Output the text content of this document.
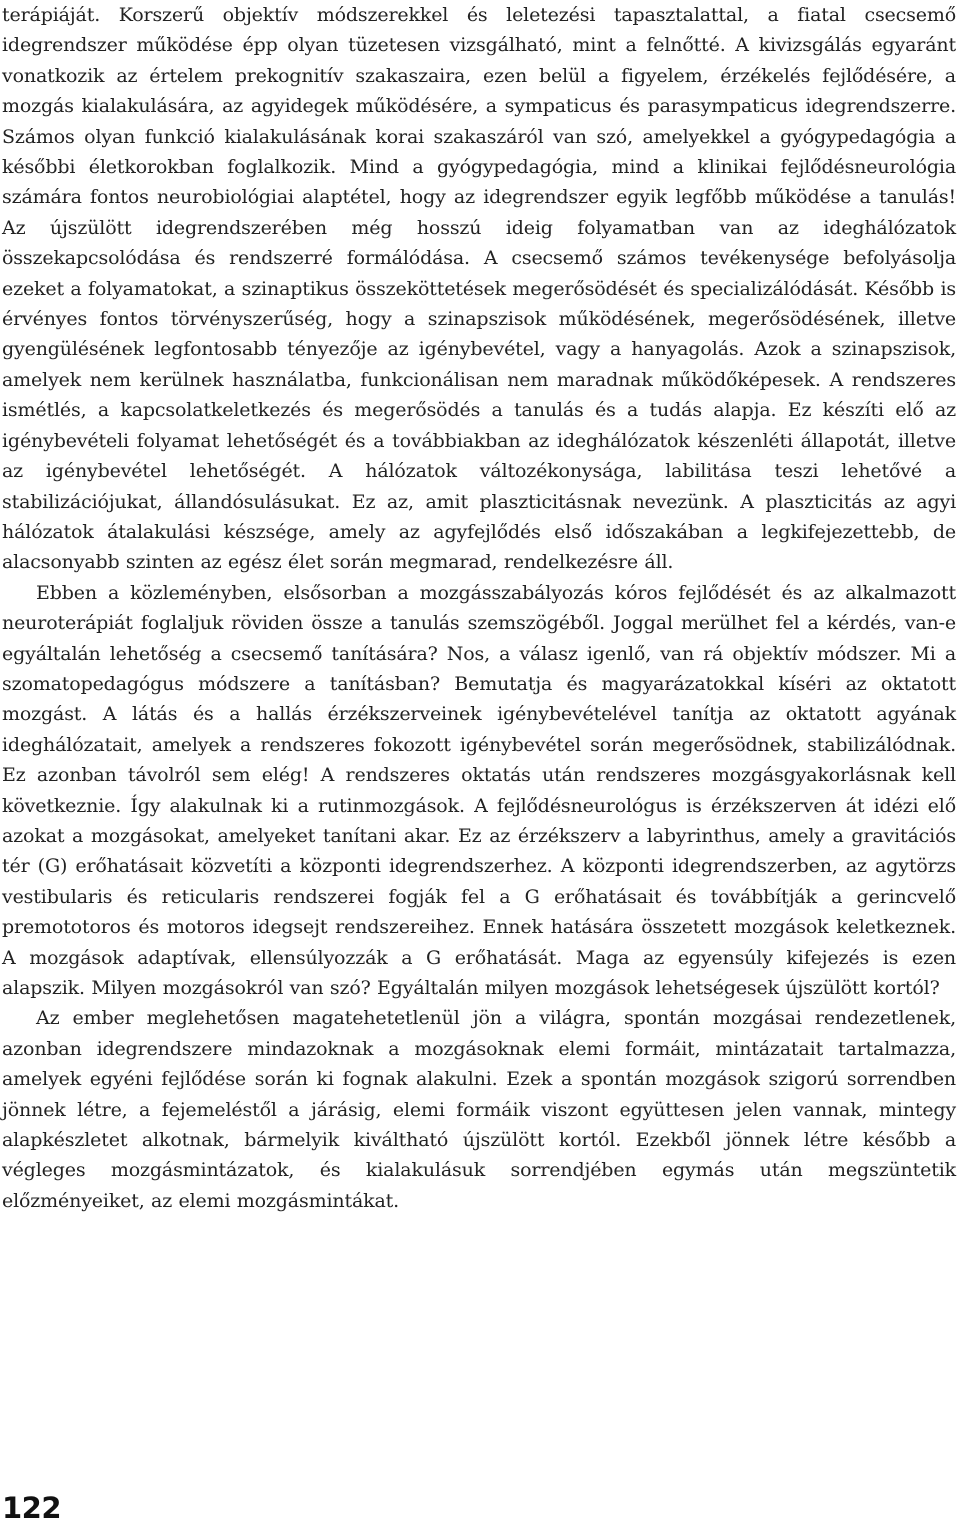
terápiáját. Korszerű objektív módszerekkel és leletezési tapasztalattal, a fiatal csecsemő idegrendszer működése épp olyan tüzetesen vizsgálható, mint a felnőtté. A kivizsgálás egyaránt vonatkozik az értelem prekognitív szakaszaira, ezen belül a figyelem, érzékelés fejlődésére, a mozgás kialakulására, az agyidegek működésére, a sympaticus és parasympaticus idegrendszerre. Számos olyan funkció kialakulásának korai szakaszáról van szó, amelyekkel a gyógypedagógia a későbbi életkorokban foglalkozik. Mind a gyógypedagógia, mind a klinikai fejlődésneurológia számára fontos neurobiológiai alaptétel, hogy az idegrendszer egyik legfőbb működése a tanulás! Az újszülött idegrendszerében még hosszú ideig folyamatban van az ideghálózatok összekapcsolódása és rendszerré formálódása. A csecsemő számos tevékenysége befolyásolja ezeket a folyamatokat, a szinaptikus összeköttetések megerősödését és specializálódását. Később is érvényes fontos törvényszerűség, hogy a szinapszisok működésének, megerősödésének, illetve gyengülésének legfontosabb tényezője az igénybevétel, vagy a hanyagolás. Azok a szinapszisok, amelyek nem kerülnek használatba, funkcionálisan nem maradnak működőképesek. A rendszeres ismétlés, a kapcsolatkeletkezés és megerősödés a tanulás és a tudás alapja. Ez készíti elő az igénybevételi folyamat lehetőségét és a továbbiakban az ideghálózatok készenléti állapotát, illetve az igénybevétel lehetőségét. A hálózatok változékonysága, labilitása teszi lehetővé a stabilizációjukat, állandósulásukat. Ez az, amit plaszticitásnak nevezünk. A plaszticitás az agyi hálózatok átalakulási készsége, amely az agyfejlődés első időszakában a legkifejezettebb, de alacsonyabb szinten az egész élet során megmarad, rendelkezésre áll.

Ebben a közleményben, elsősorban a mozgásszabályozás kóros fejlődését és az alkalmazott neuroterápiát foglaljuk röviden össze a tanulás szemszögéből. Joggal merülhet fel a kérdés, van-e egyáltalán lehetőség a csecsemő tanítására? Nos, a válasz igenlő, van rá objektív módszer. Mi a szomatopedagógus módszere a tanításban? Bemutatja és magyarázatokkal kíséri az oktatott mozgást. A látás és a hallás érzékszerveinek igénybevételével tanítja az oktatott agyának ideghálózatait, amelyek a rendszeres fokozott igénybevétel során megerősödnek, stabilizálódnak. Ez azonban távolról sem elég! A rendszeres oktatás után rendszeres mozgásgyakorlásnak kell következnie. Így alakulnak ki a rutinmozgások. A fejlődésneurológus is érzékszerven át idézi elő azokat a mozgásokat, amelyeket tanítani akar. Ez az érzékszerv a labyrinthus, amely a gravitációs tér (G) erőhatásait közvetíti a központi idegrendszerhez. A központi idegrendszerben, az agytörzs vestibularis és reticularis rendszerei fogják fel a G erőhatásait és továbbítják a gerincvelő premototoros és motoros idegsejt rendszereihez. Ennek hatására összetett mozgások keletkeznek. A mozgások adaptívak, ellensúlyozzák a G erőhatását. Maga az egyensúly kifejezés is ezen alapszik. Milyen mozgásokról van szó? Egyáltalán milyen mozgások lehetségesek újszülött kortól?

Az ember meglehetősen magatehetetlenül jön a világra, spontán mozgásai rendezetlenek, azonban idegrendszere mindazoknak a mozgásoknak elemi formáit, mintázatait tartalmazza, amelyek egyéni fejlődése során ki fognak alakulni. Ezek a spontán mozgások szigorú sorrendben jönnek létre, a fejemeléstől a járásig, elemi formáik viszont együttesen jelen vannak, mintegy alapkészletet alkotnak, bármelyik kiváltható újszülött kortól. Ezekből jönnek létre később a végleges mozgásmintázatok, és kialakulásuk sorrendjében egymás után megszüntetik előzményeiket, az elemi mozgásmintákat.

122
